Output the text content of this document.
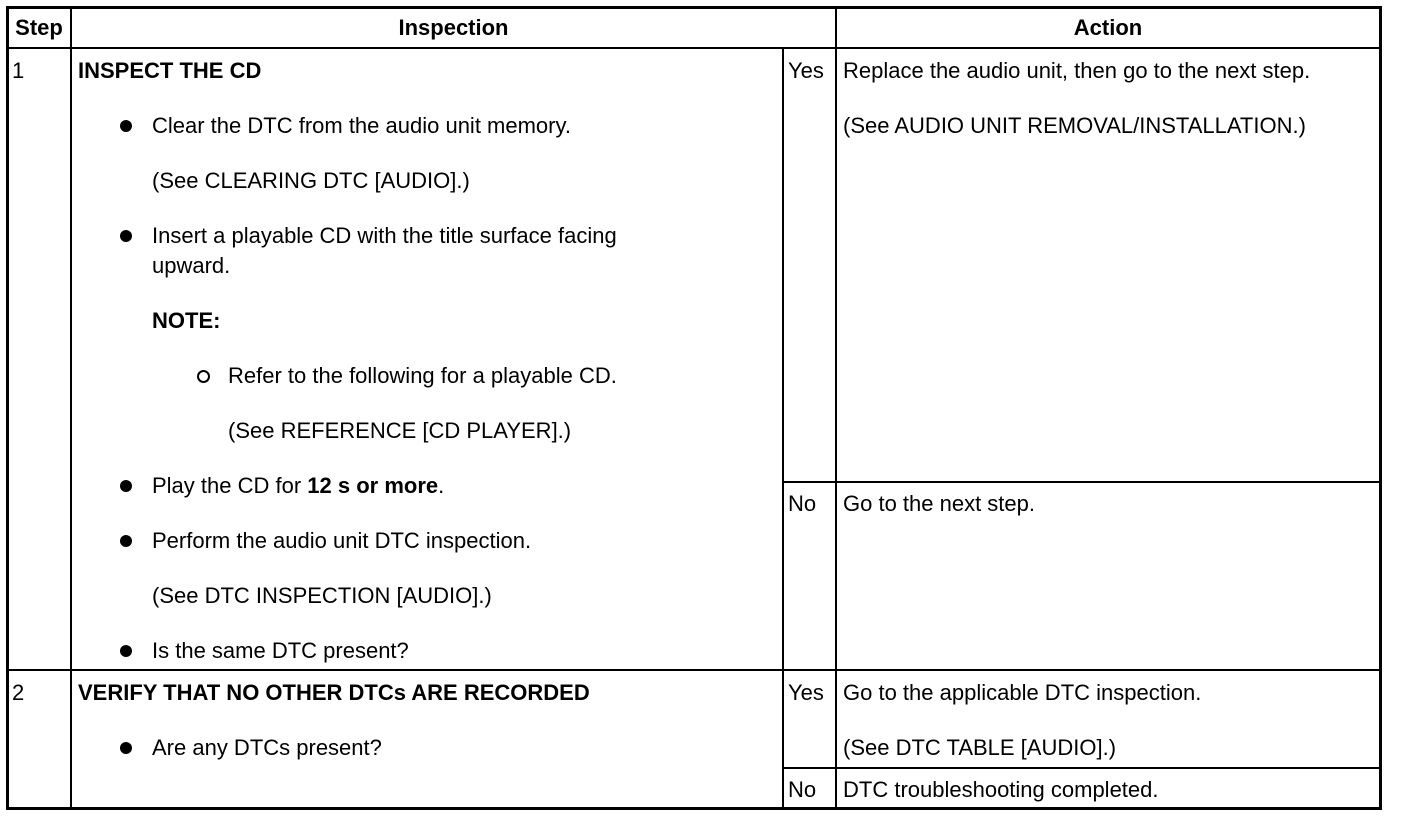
Step	Inspection	Action
1 INSPECT THE CD
Clear the DTC from the audio unit memory.
(See CLEARING DTC [AUDIO].)
Insert a playable CD with the title surface facing
upward.
NOTE:
Refer to the following for a playable CD.
(See REFERENCE [CD PLAYER].)
Play the CD for 12 s or more.
Perform the audio unit DTC inspection.
(See DTC INSPECTION [AUDIO].)
Is the same DTC present?
Yes Replace the audio unit, then go to the next step.
(See AUDIO UNIT REMOVAL/INSTALLATION.)
No Go to the next step.
2 VERIFY THAT NO OTHER DTCs ARE RECORDED
Are any DTCs present?
Yes Go to the applicable DTC inspection.
(See DTC TABLE [AUDIO].)
No DTC troubleshooting completed.
